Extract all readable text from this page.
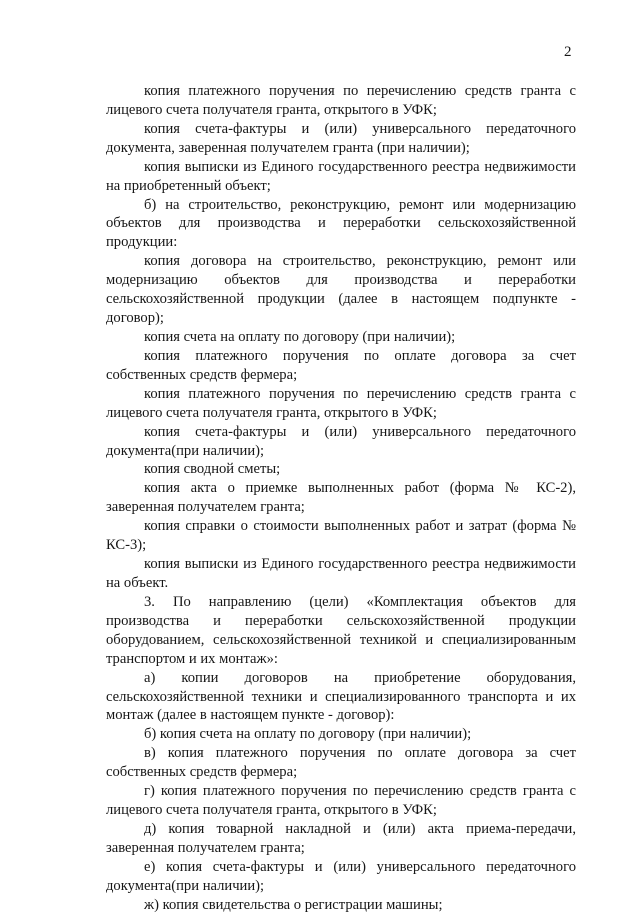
2

копия платежного поручения по перечислению средств гранта с лицевого счета получателя гранта, открытого в УФК;

копия счета-фактуры и (или) универсального передаточного документа, заверенная получателем гранта (при наличии);

копия выписки из Единого государственного реестра недвижимости на приобретенный объект;

б) на строительство, реконструкцию, ремонт или модернизацию объектов для производства и переработки сельскохозяйственной продукции:

копия договора на строительство, реконструкцию, ремонт или модернизацию объектов для производства и переработки сельскохозяйственной продукции (далее в настоящем подпункте - договор);

копия счета на оплату по договору (при наличии);

копия платежного поручения по оплате договора за счет собственных средств фермера;

копия платежного поручения по перечислению средств гранта с лицевого счета получателя гранта, открытого в УФК;

копия счета-фактуры и (или) универсального передаточного документа(при наличии);

копия сводной сметы;

копия акта о приемке выполненных работ (форма № КС-2), заверенная получателем гранта;

копия справки о стоимости выполненных работ и затрат (форма № КС-3);

копия выписки из Единого государственного реестра недвижимости на объект.

3. По направлению (цели) «Комплектация объектов для производства и переработки сельскохозяйственной продукции оборудованием, сельскохозяйственной техникой и специализированным транспортом и их монтаж»:

а) копии договоров на приобретение оборудования, сельскохозяйственной техники и специализированного транспорта и их монтаж (далее в настоящем пункте - договор):

б) копия счета на оплату по договору (при наличии);

в) копия платежного поручения по оплате договора за счет собственных средств фермера;

г) копия платежного поручения по перечислению средств гранта с лицевого счета получателя гранта, открытого в УФК;

д) копия товарной накладной и (или) акта приема-передачи, заверенная получателем гранта;

е) копия счета-фактуры и (или) универсального передаточного документа(при наличии);

ж) копия свидетельства о регистрации машины;
